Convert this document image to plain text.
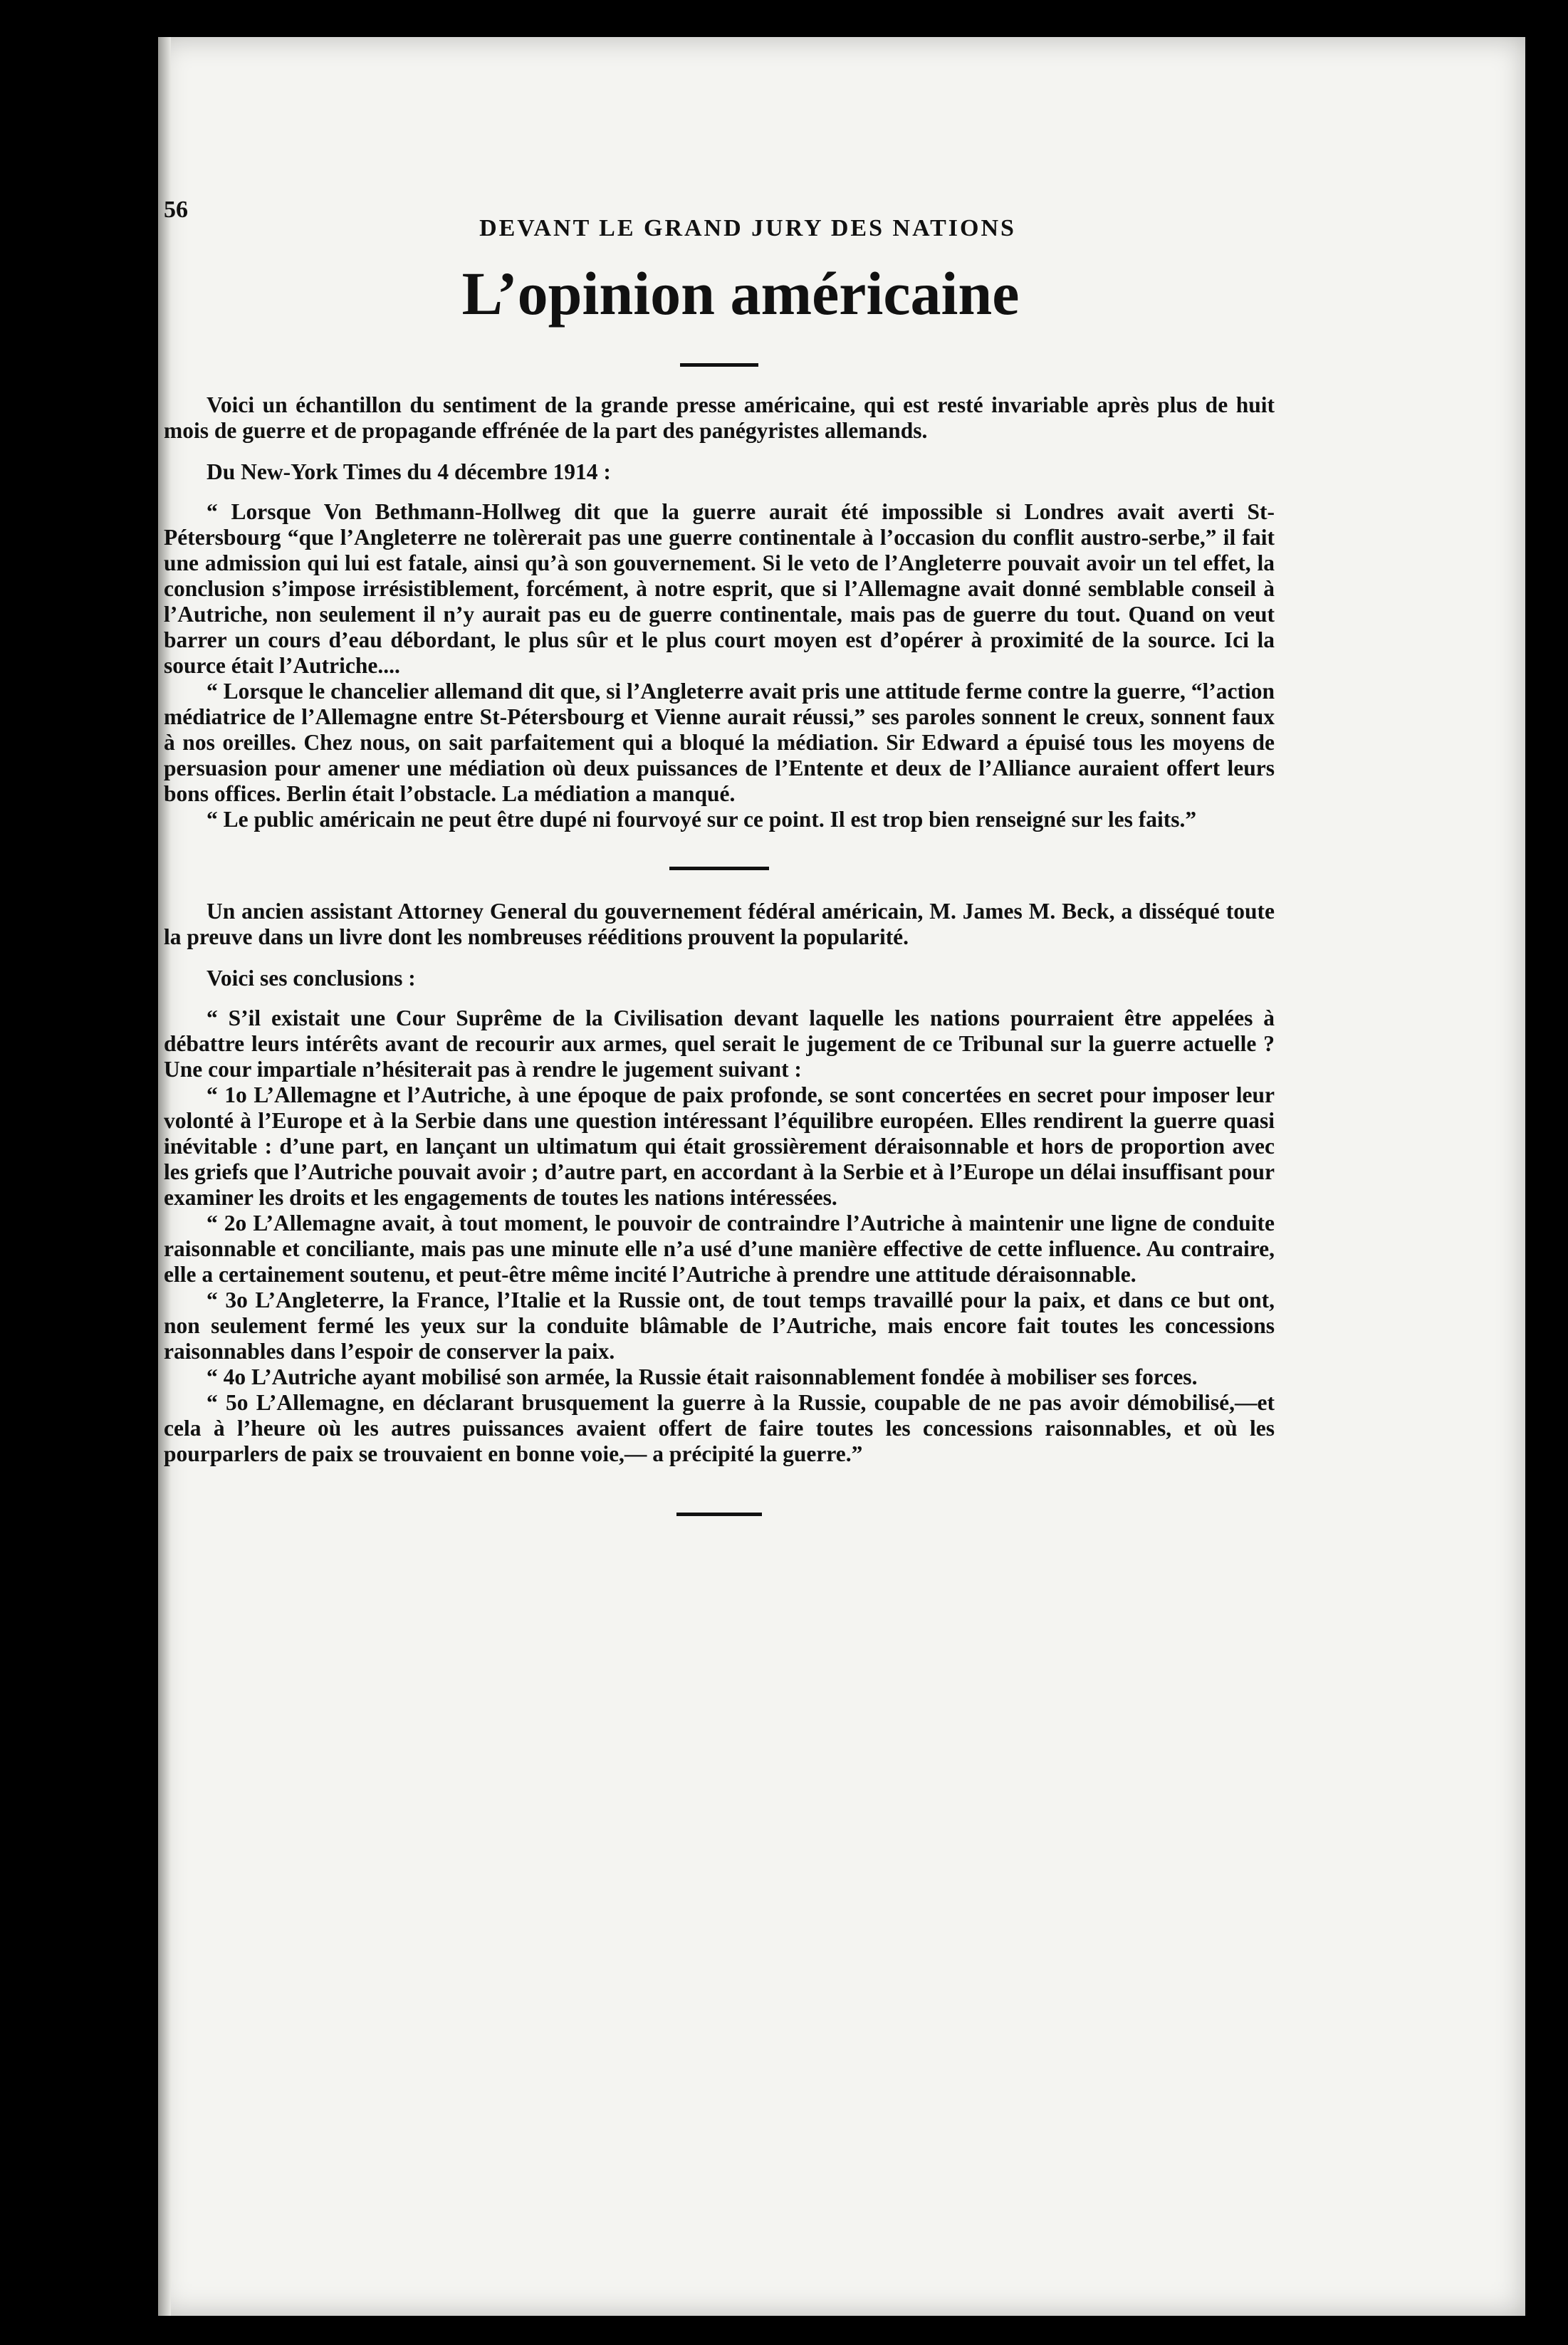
56
DEVANT LE GRAND JURY DES NATIONS
L’opinion américaine

Voici un échantillon du sentiment de la grande presse américaine, qui est resté invariable après plus de huit mois de guerre et de propagande effrénée de la part des panégyristes allemands.

Du New-York Times du 4 décembre 1914 :

“ Lorsque Von Bethmann-Hollweg dit que la guerre aurait été impossible si Londres avait averti St-Pétersbourg “que l’Angleterre ne tolèrerait pas une guerre continentale à l’occasion du conflit austro-serbe,” il fait une admission qui lui est fatale, ainsi qu’à son gouvernement. Si le veto de l’Angleterre pouvait avoir un tel effet, la conclusion s’impose irrésistiblement, forcément, à notre esprit, que si l’Allemagne avait donné semblable conseil à l’Autriche, non seulement il n’y aurait pas eu de guerre continentale, mais pas de guerre du tout. Quand on veut barrer un cours d’eau débordant, le plus sûr et le plus court moyen est d’opérer à proximité de la source. Ici la source était l’Autriche....

“ Lorsque le chancelier allemand dit que, si l’Angleterre avait pris une attitude ferme contre la guerre, “l’action médiatrice de l’Allemagne entre St-Pétersbourg et Vienne aurait réussi,” ses paroles sonnent le creux, sonnent faux à nos oreilles. Chez nous, on sait parfaitement qui a bloqué la médiation. Sir Edward a épuisé tous les moyens de persuasion pour amener une médiation où deux puissances de l’Entente et deux de l’Alliance auraient offert leurs bons offices. Berlin était l’obstacle. La médiation a manqué.

“ Le public américain ne peut être dupé ni fourvoyé sur ce point. Il est trop bien renseigné sur les faits.”

Un ancien assistant Attorney General du gouvernement fédéral américain, M. James M. Beck, a disséqué toute la preuve dans un livre dont les nombreuses rééditions prouvent la popularité.

Voici ses conclusions :

“ S’il existait une Cour Suprême de la Civilisation devant laquelle les nations pourraient être appelées à débattre leurs intérêts avant de recourir aux armes, quel serait le jugement de ce Tribunal sur la guerre actuelle ? Une cour impartiale n’hésiterait pas à rendre le jugement suivant :

“ 1o L’Allemagne et l’Autriche, à une époque de paix profonde, se sont concertées en secret pour imposer leur volonté à l’Europe et à la Serbie dans une question intéressant l’équilibre européen. Elles rendirent la guerre quasi inévitable : d’une part, en lançant un ultimatum qui était grossièrement déraisonnable et hors de proportion avec les griefs que l’Autriche pouvait avoir ; d’autre part, en accordant à la Serbie et à l’Europe un délai insuffisant pour examiner les droits et les engagements de toutes les nations intéressées.

“ 2o L’Allemagne avait, à tout moment, le pouvoir de contraindre l’Autriche à maintenir une ligne de conduite raisonnable et conciliante, mais pas une minute elle n’a usé d’une manière effective de cette influence. Au contraire, elle a certainement soutenu, et peut-être même incité l’Autriche à prendre une attitude déraisonnable.

“ 3o L’Angleterre, la France, l’Italie et la Russie ont, de tout temps travaillé pour la paix, et dans ce but ont, non seulement fermé les yeux sur la conduite blâmable de l’Autriche, mais encore fait toutes les concessions raisonnables dans l’espoir de conserver la paix.

“ 4o L’Autriche ayant mobilisé son armée, la Russie était raisonnablement fondée à mobiliser ses forces.

“ 5o L’Allemagne, en déclarant brusquement la guerre à la Russie, coupable de ne pas avoir démobilisé,—et cela à l’heure où les autres puissances avaient offert de faire toutes les concessions raisonnables, et où les pourparlers de paix se trouvaient en bonne voie,— a précipité la guerre.”
